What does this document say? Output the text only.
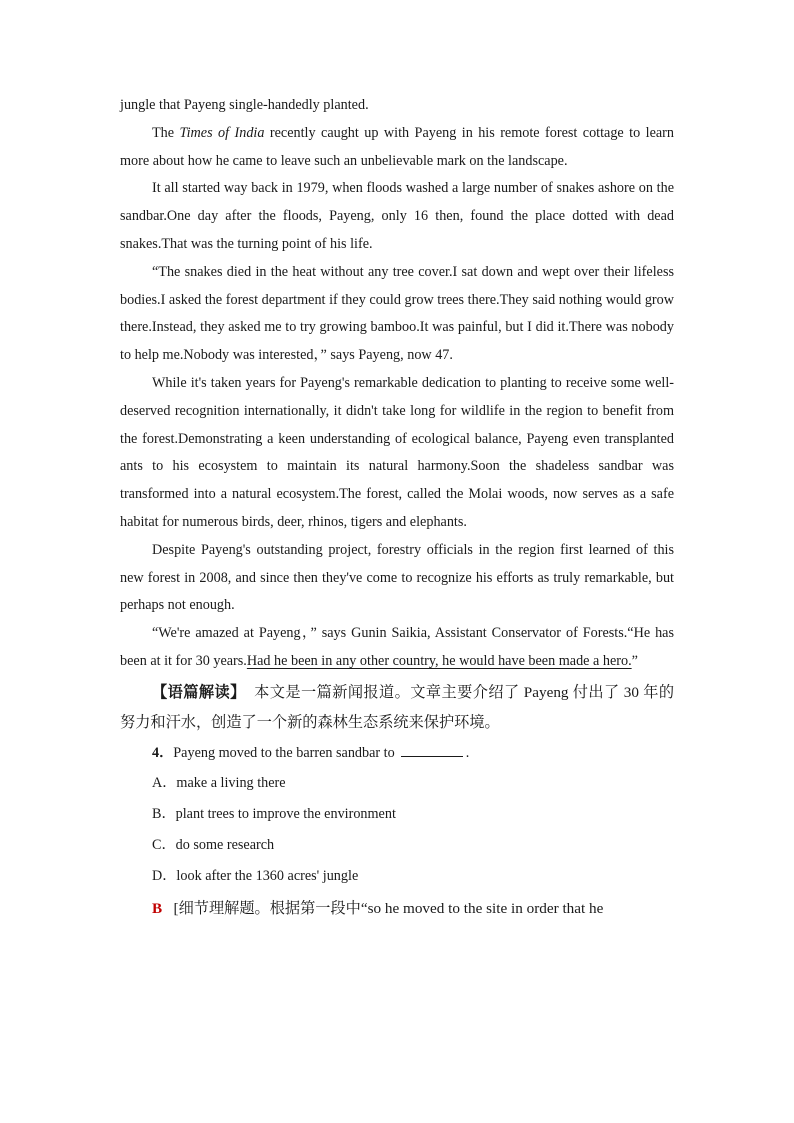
jungle that Payeng single-handedly planted.

The Times of India recently caught up with Payeng in his remote forest cottage to learn more about how he came to leave such an unbelievable mark on the landscape.

It all started way back in 1979, when floods washed a large number of snakes ashore on the sandbar.One day after the floods, Payeng, only 16 then, found the place dotted with dead snakes.That was the turning point of his life.

“The snakes died in the heat without any tree cover.I sat down and wept over their lifeless bodies.I asked the forest department if they could grow trees there.They said nothing would grow there.Instead, they asked me to try growing bamboo.It was painful, but I did it.There was nobody to help me.Nobody was interested，” says Payeng, now 47.

While it's taken years for Payeng's remarkable dedication to planting to receive some well-deserved recognition internationally, it didn't take long for wildlife in the region to benefit from the forest.Demonstrating a keen understanding of ecological balance, Payeng even transplanted ants to his ecosystem to maintain its natural harmony.Soon the shadeless sandbar was transformed into a natural ecosystem.The forest, called the Molai woods, now serves as a safe habitat for numerous birds, deer, rhinos, tigers and elephants.

Despite Payeng's outstanding project, forestry officials in the region first learned of this new forest in 2008, and since then they've come to recognize his efforts as truly remarkable, but perhaps not enough.

“We're amazed at Payeng，” says Gunin Saikia, Assistant Conservator of Forests.“He has been at it for 30 years.Had he been in any other country, he would have been made a hero.”

【语篇解读】 本文是一篇新闻报道。文章主要介绍了 Payeng 付出了 30 年的努力和汗水，创造了一个新的森林生态系统来保护环境。

4．Payeng moved to the barren sandbar to	.

A．make a living there

B．plant trees to improve the environment

C．do some research

D．look after the 1360 acres' jungle

B [细节理解题。根据第一段中“so he moved to the site in order that he
